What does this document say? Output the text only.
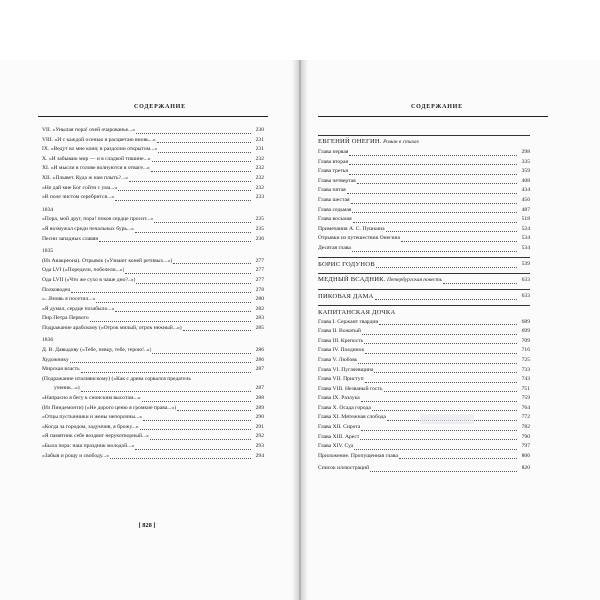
СОДЕРЖАНИЕ	СОДЕРЖАНИЕ
VII. «Унылая пора! очей очарованье...»	230
VIII. «И с каждой осенью я расцветаю вновь...»	231
IX. «Ведут ко мне коня; в раздолии открытом...»	231
X. «И забываю мир — и в сладкой тишине...»	232
XI. «И мысли в голове волнуются в отваге...»	232
XII. «Плывет. Куда ж нам плыть?...»	232
«Не дай мне Бог сойти с ума...»	232
«В поле чистом серебрится...»	233
1834
«Пора, мой друг, пора! покоя сердце просит...»	235
«Я возмужал среди печальных бурь...»	235
Песни западных славян	236
1835
(Из Анакреона). Отрывок («Узнают коней ретивых...»)	277
Ода LVI («Поредели, побелели...»)	277
Ода LVII («Что же сухо в чаше дно?..»)	277
Полководец	278
«...Вновь я посетил...»	280
«Я думал, сердце позабыло...»	282
Пир Петра Первого	283
Подражание арабскому («Отрок милый, отрок нежный...»)	285
1836
Д. В. Давыдову («Тебе, певцу, тебе, герою!..»)	286
Художнику	286
Мирская власть	287
(Подражание италиянскому) («Как с древа сорвался предатель
ученик...»)	287
«Напрасно я бегу к сионским высотам...»	288
(Из Пиндемонти) («Не дорого ценю я громкие права...»)	289
«Отцы пустынники и жены непорочны...»	290
«Когда за городом, задумчив, я брожу...»	291
«Я памятник себе воздвиг нерукотворный...»	292
«Была пора: наш праздник молодой...»	293
«Забыв и рощу и свободу...»	294
[ 828 ]
ЕВГЕНИЙ ОНЕГИН. Роман в стихах
Глава первая	298
Глава вторая	335
Глава третья	359
Глава четвертая	408
Глава пятая	434
Глава шестая	456
Глава седьмая	487
Глава восьмая	518
Примечания А. С. Пушкина	524
Отрывки из путешествия Онегина	534
Десятая глава	534
БОРИС ГОДУНОВ	539
МЕДНЫЙ ВСАДНИК. Петербургская повесть	633
ПИКОВАЯ ДАМА	633
КАПИТАНСКАЯ ДОЧКА
Глава I. Сержант гвардии	689
Глава II. Вожатый	699
Глава III. Крепость	709
Глава IV. Поединок	716
Глава V. Любовь	725
Глава VI. Пугачевщина	733
Глава VII. Приступ	743
Глава VIII. Незваный гость	751
Глава IX. Разлука	759
Глава X. Осада города	764
Глава XI. Мятежная слобода	772
Глава XII. Сирота	782
Глава XIII. Арест	790
Глава XIV. Суд	797
Приложение. Пропущенная глава	806
Список иллюстраций	820
